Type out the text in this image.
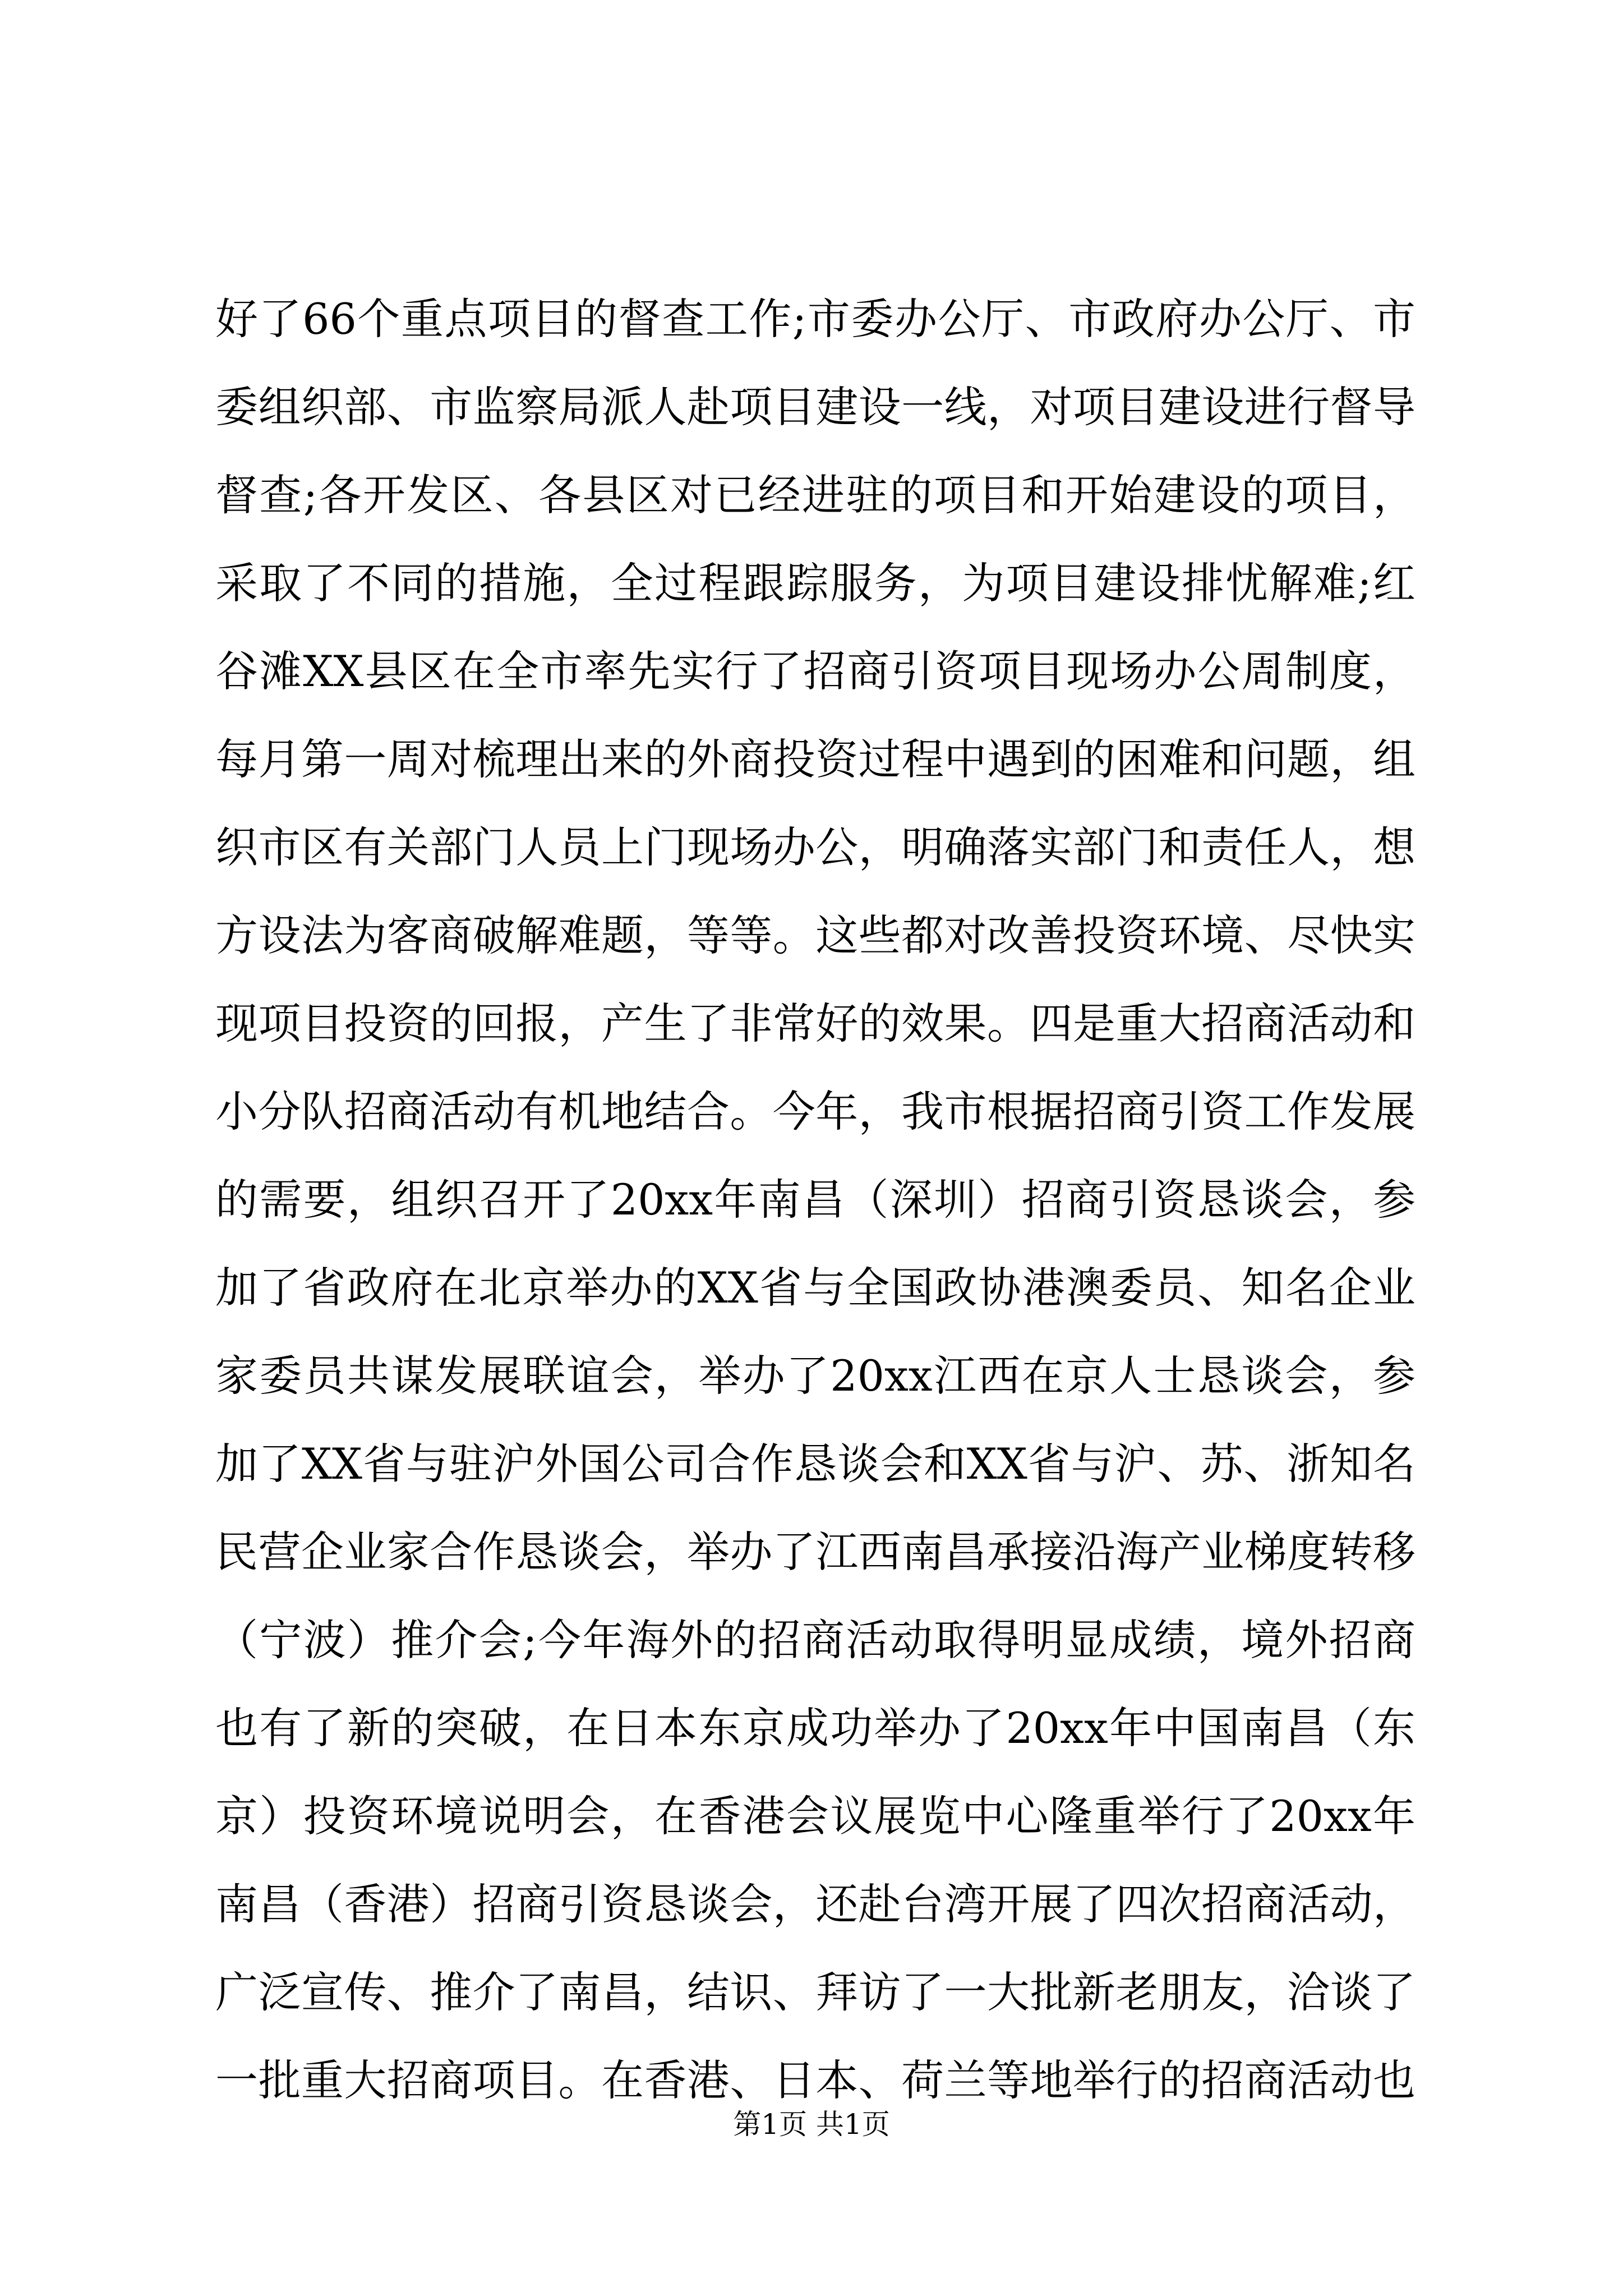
好了66个重点项目的督查工作;市委办公厅、市政府办公厅、市
委组织部、市监察局派人赴项目建设一线，对项目建设进行督导
督查;各开发区、各县区对已经进驻的项目和开始建设的项目，
采取了不同的措施，全过程跟踪服务，为项目建设排忧解难;红
谷滩XX县区在全市率先实行了招商引资项目现场办公周制度，
每月第一周对梳理出来的外商投资过程中遇到的困难和问题，组
织市区有关部门人员上门现场办公，明确落实部门和责任人，想
方设法为客商破解难题，等等。这些都对改善投资环境、尽快实
现项目投资的回报，产生了非常好的效果。四是重大招商活动和
小分队招商活动有机地结合。今年，我市根据招商引资工作发展
的需要，组织召开了20xx年南昌（深圳）招商引资恳谈会，参
加了省政府在北京举办的XX省与全国政协港澳委员、知名企业
家委员共谋发展联谊会，举办了20xx江西在京人士恳谈会，参
加了XX省与驻沪外国公司合作恳谈会和XX省与沪、苏、浙知名
民营企业家合作恳谈会，举办了江西南昌承接沿海产业梯度转移
（宁波）推介会;今年海外的招商活动取得明显成绩，境外招商
也有了新的突破，在日本东京成功举办了20xx年中国南昌（东
京）投资环境说明会，在香港会议展览中心隆重举行了20xx年
南昌（香港）招商引资恳谈会，还赴台湾开展了四次招商活动，
广泛宣传、推介了南昌，结识、拜访了一大批新老朋友，洽谈了
一批重大招商项目。在香港、日本、荷兰等地举行的招商活动也
第1页 共1页
